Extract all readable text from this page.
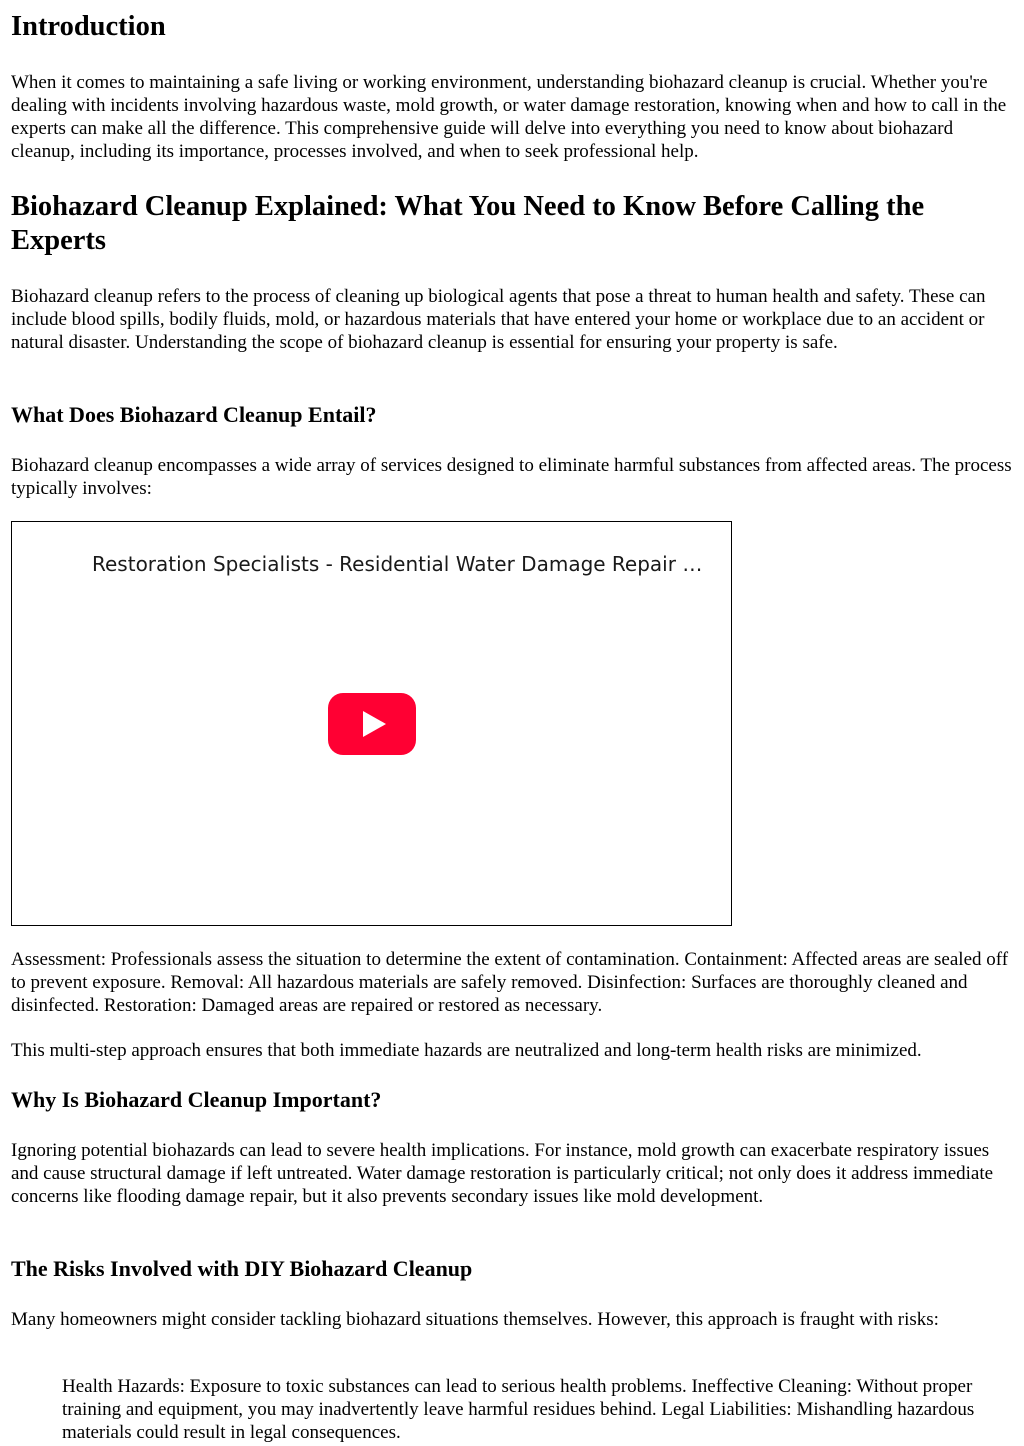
Introduction

When it comes to maintaining a safe living or working environment, understanding biohazard cleanup is crucial. Whether you're dealing with incidents involving hazardous waste, mold growth, or water damage restoration, knowing when and how to call in the experts can make all the difference. This comprehensive guide will delve into everything you need to know about biohazard cleanup, including its importance, processes involved, and when to seek professional help.

Biohazard Cleanup Explained: What You Need to Know Before Calling the Experts

Biohazard cleanup refers to the process of cleaning up biological agents that pose a threat to human health and safety. These can include blood spills, bodily fluids, mold, or hazardous materials that have entered your home or workplace due to an accident or natural disaster. Understanding the scope of biohazard cleanup is essential for ensuring your property is safe.

What Does Biohazard Cleanup Entail?

Biohazard cleanup encompasses a wide array of services designed to eliminate harmful substances from affected areas. The process typically involves:

Restoration Specialists - Residential Water Damage Repair …

Assessment: Professionals assess the situation to determine the extent of contamination. Containment: Affected areas are sealed off to prevent exposure. Removal: All hazardous materials are safely removed. Disinfection: Surfaces are thoroughly cleaned and disinfected. Restoration: Damaged areas are repaired or restored as necessary.

This multi-step approach ensures that both immediate hazards are neutralized and long-term health risks are minimized.

Why Is Biohazard Cleanup Important?

Ignoring potential biohazards can lead to severe health implications. For instance, mold growth can exacerbate respiratory issues and cause structural damage if left untreated. Water damage restoration is particularly critical; not only does it address immediate concerns like flooding damage repair, but it also prevents secondary issues like mold development.

The Risks Involved with DIY Biohazard Cleanup

Many homeowners might consider tackling biohazard situations themselves. However, this approach is fraught with risks:

Health Hazards: Exposure to toxic substances can lead to serious health problems. Ineffective Cleaning: Without proper training and equipment, you may inadvertently leave harmful residues behind. Legal Liabilities: Mishandling hazardous materials could result in legal consequences.
